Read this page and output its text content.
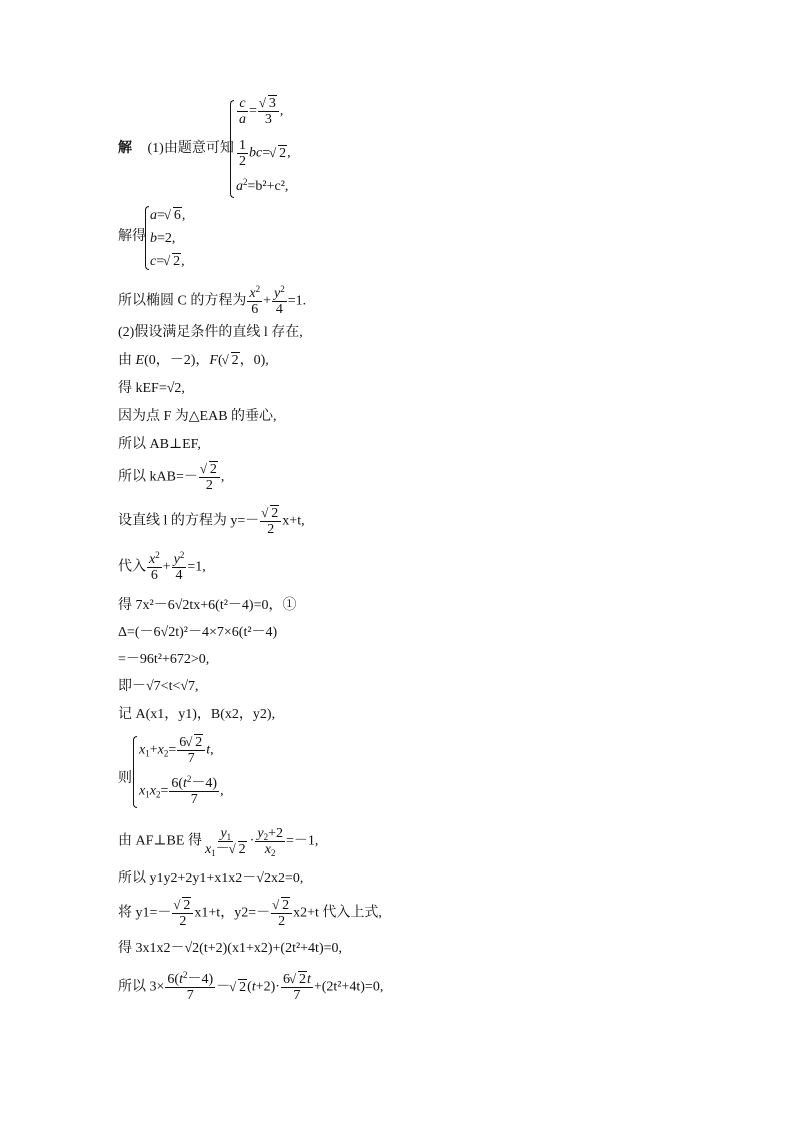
解 (1)由题意可知
$\frac{c}{a}$ =
√ $\frac{3}{3}$ ,
$\frac{1}{2} bc=√$ 2,
$a^2=b^2+c^2$,
解得
a=√ 6,
b=2,
c=√ 2,
所以椭圆 C 的方程为 $\frac{x^2}{6} + \frac{y^2}{4} =1$.
(2)假设满足条件的直线 l 存在,
由 E(0，－2)，F(√ 2，0),
得 kEF=√2,
因为点 F 为△EAB 的垂心,
所以 AB⊥EF,
所以 kAB=－
√ $\frac{2}{2}$ ,
设直线 l 的方程为 y=－
√ $\frac{2}{2} x+t$,
代入 $\frac{x^2}{6} + \frac{y^2}{4} =1$,
得 7x²－6√2tx+6(t²－4)=0，①
Δ=(－6√2t)²－4×7×6(t²－4)
=－96t²+672>0,
即－√7<t<√7,
记 A(x1，y1)，B(x2，y2),
则
$x_1+x_2= \frac{6√ 2}{7} t$,
$x_1x_2= \frac{6(t^2-4)}{7}$ ,
由 AF⊥BE 得 $\frac{y_1}{x_1-√ 2} \cdot \frac{y_2+2}{x_2} =-1$,
所以 y1y2+2y1+x1x2－√2x2=0,
将 y1=－
√ $\frac{2}{2} x1+t$，y2=－
√ $\frac{2}{2} x2+t$ 代入上式,
得 3x1x2－√2(t+2)(x1+x2)+(2t²+4t)=0,
所以 $3\times \frac{6(t^2-4)}{7}$ －√ $2(t+2)\cdot \frac{6√ 2t}{7} +(2t^2+4t)=0$,
